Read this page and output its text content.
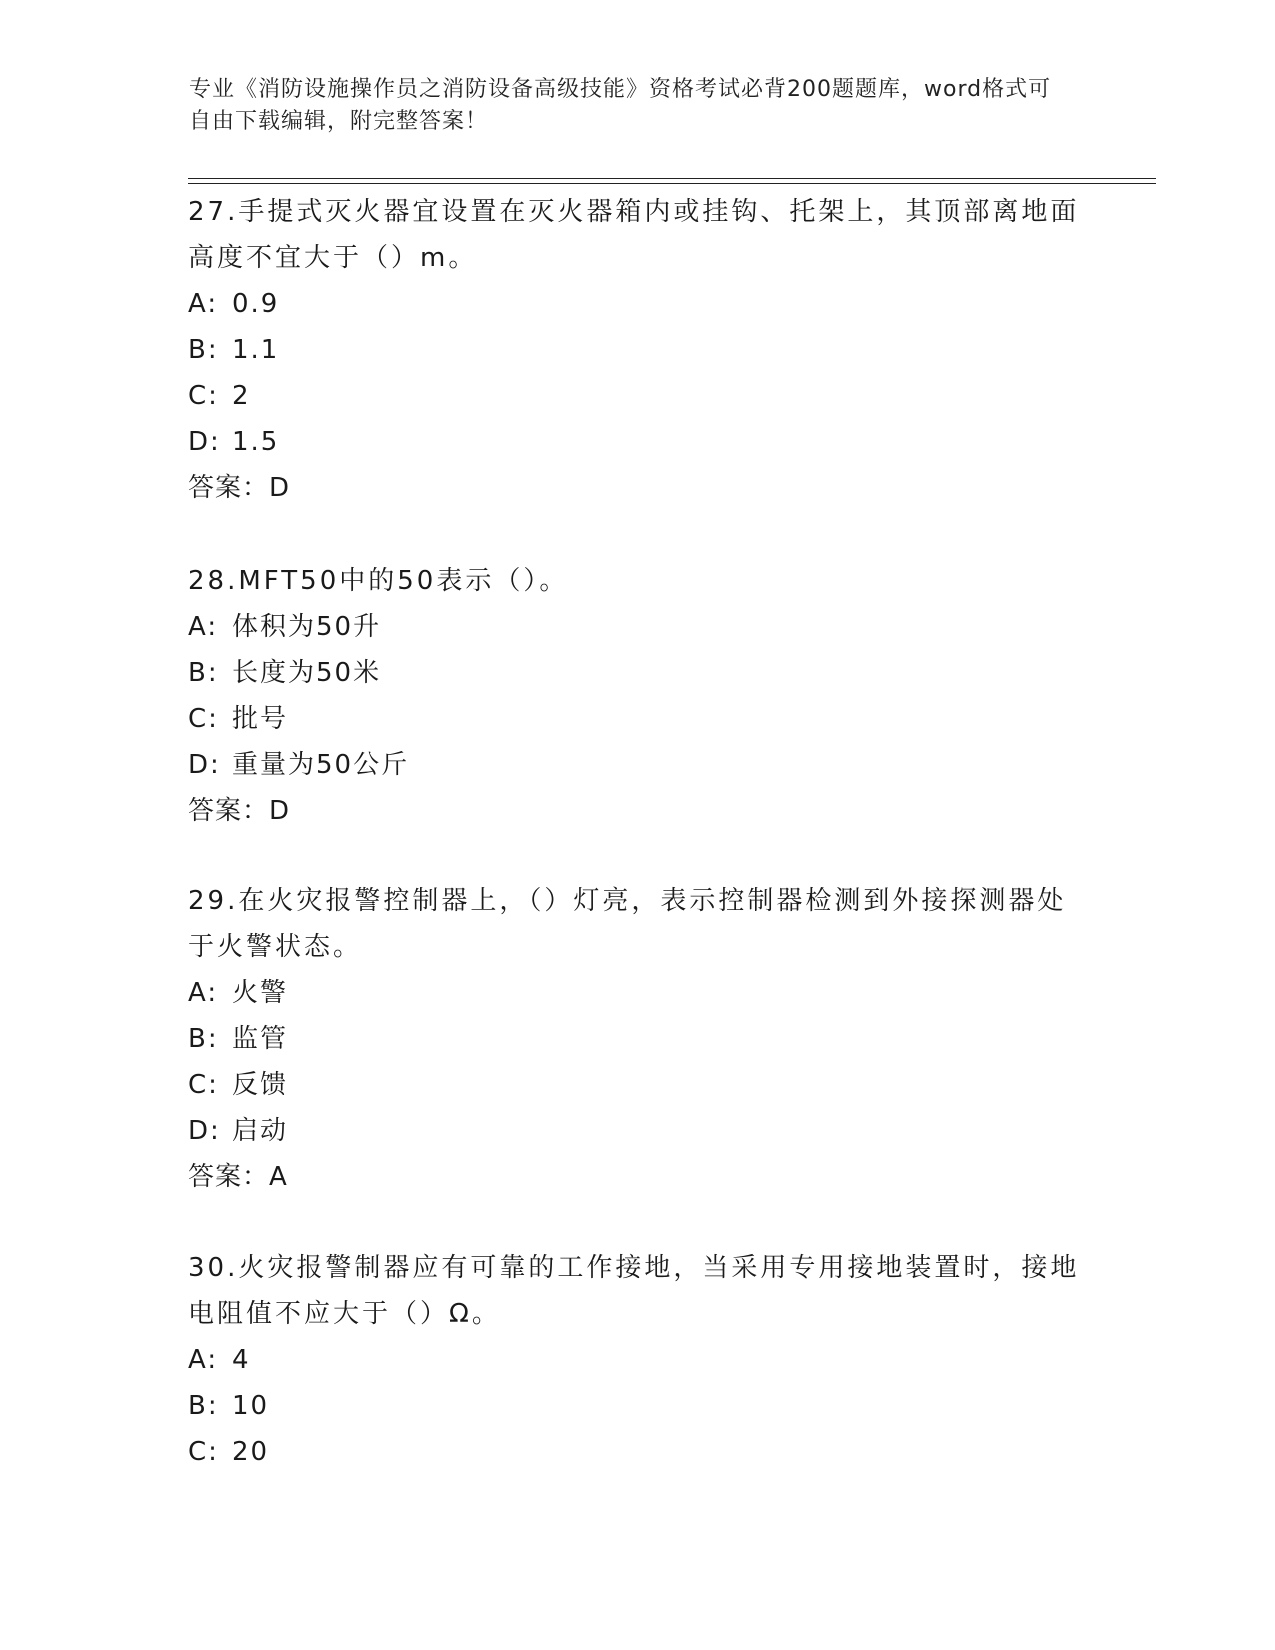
专业《消防设施操作员之消防设备高级技能》资格考试必背200题题库，word格式可自由下载编辑，附完整答案！

27.手提式灭火器宜设置在灭火器箱内或挂钩、托架上，其顶部离地面高度不宜大于（）m。

A: 0.9

B: 1.1

C: 2

D: 1.5

答案：D

28.MFT50中的50表示（）。

A: 体积为50升

B: 长度为50米

C: 批号

D: 重量为50公斤

答案：D

29.在火灾报警控制器上，（）灯亮，表示控制器检测到外接探测器处于火警状态。

A: 火警

B: 监管

C: 反馈

D: 启动

答案：A

30.火灾报警制器应有可靠的工作接地，当采用专用接地装置时，接地电阻值不应大于（）Ω。

A: 4

B: 10

C: 20
